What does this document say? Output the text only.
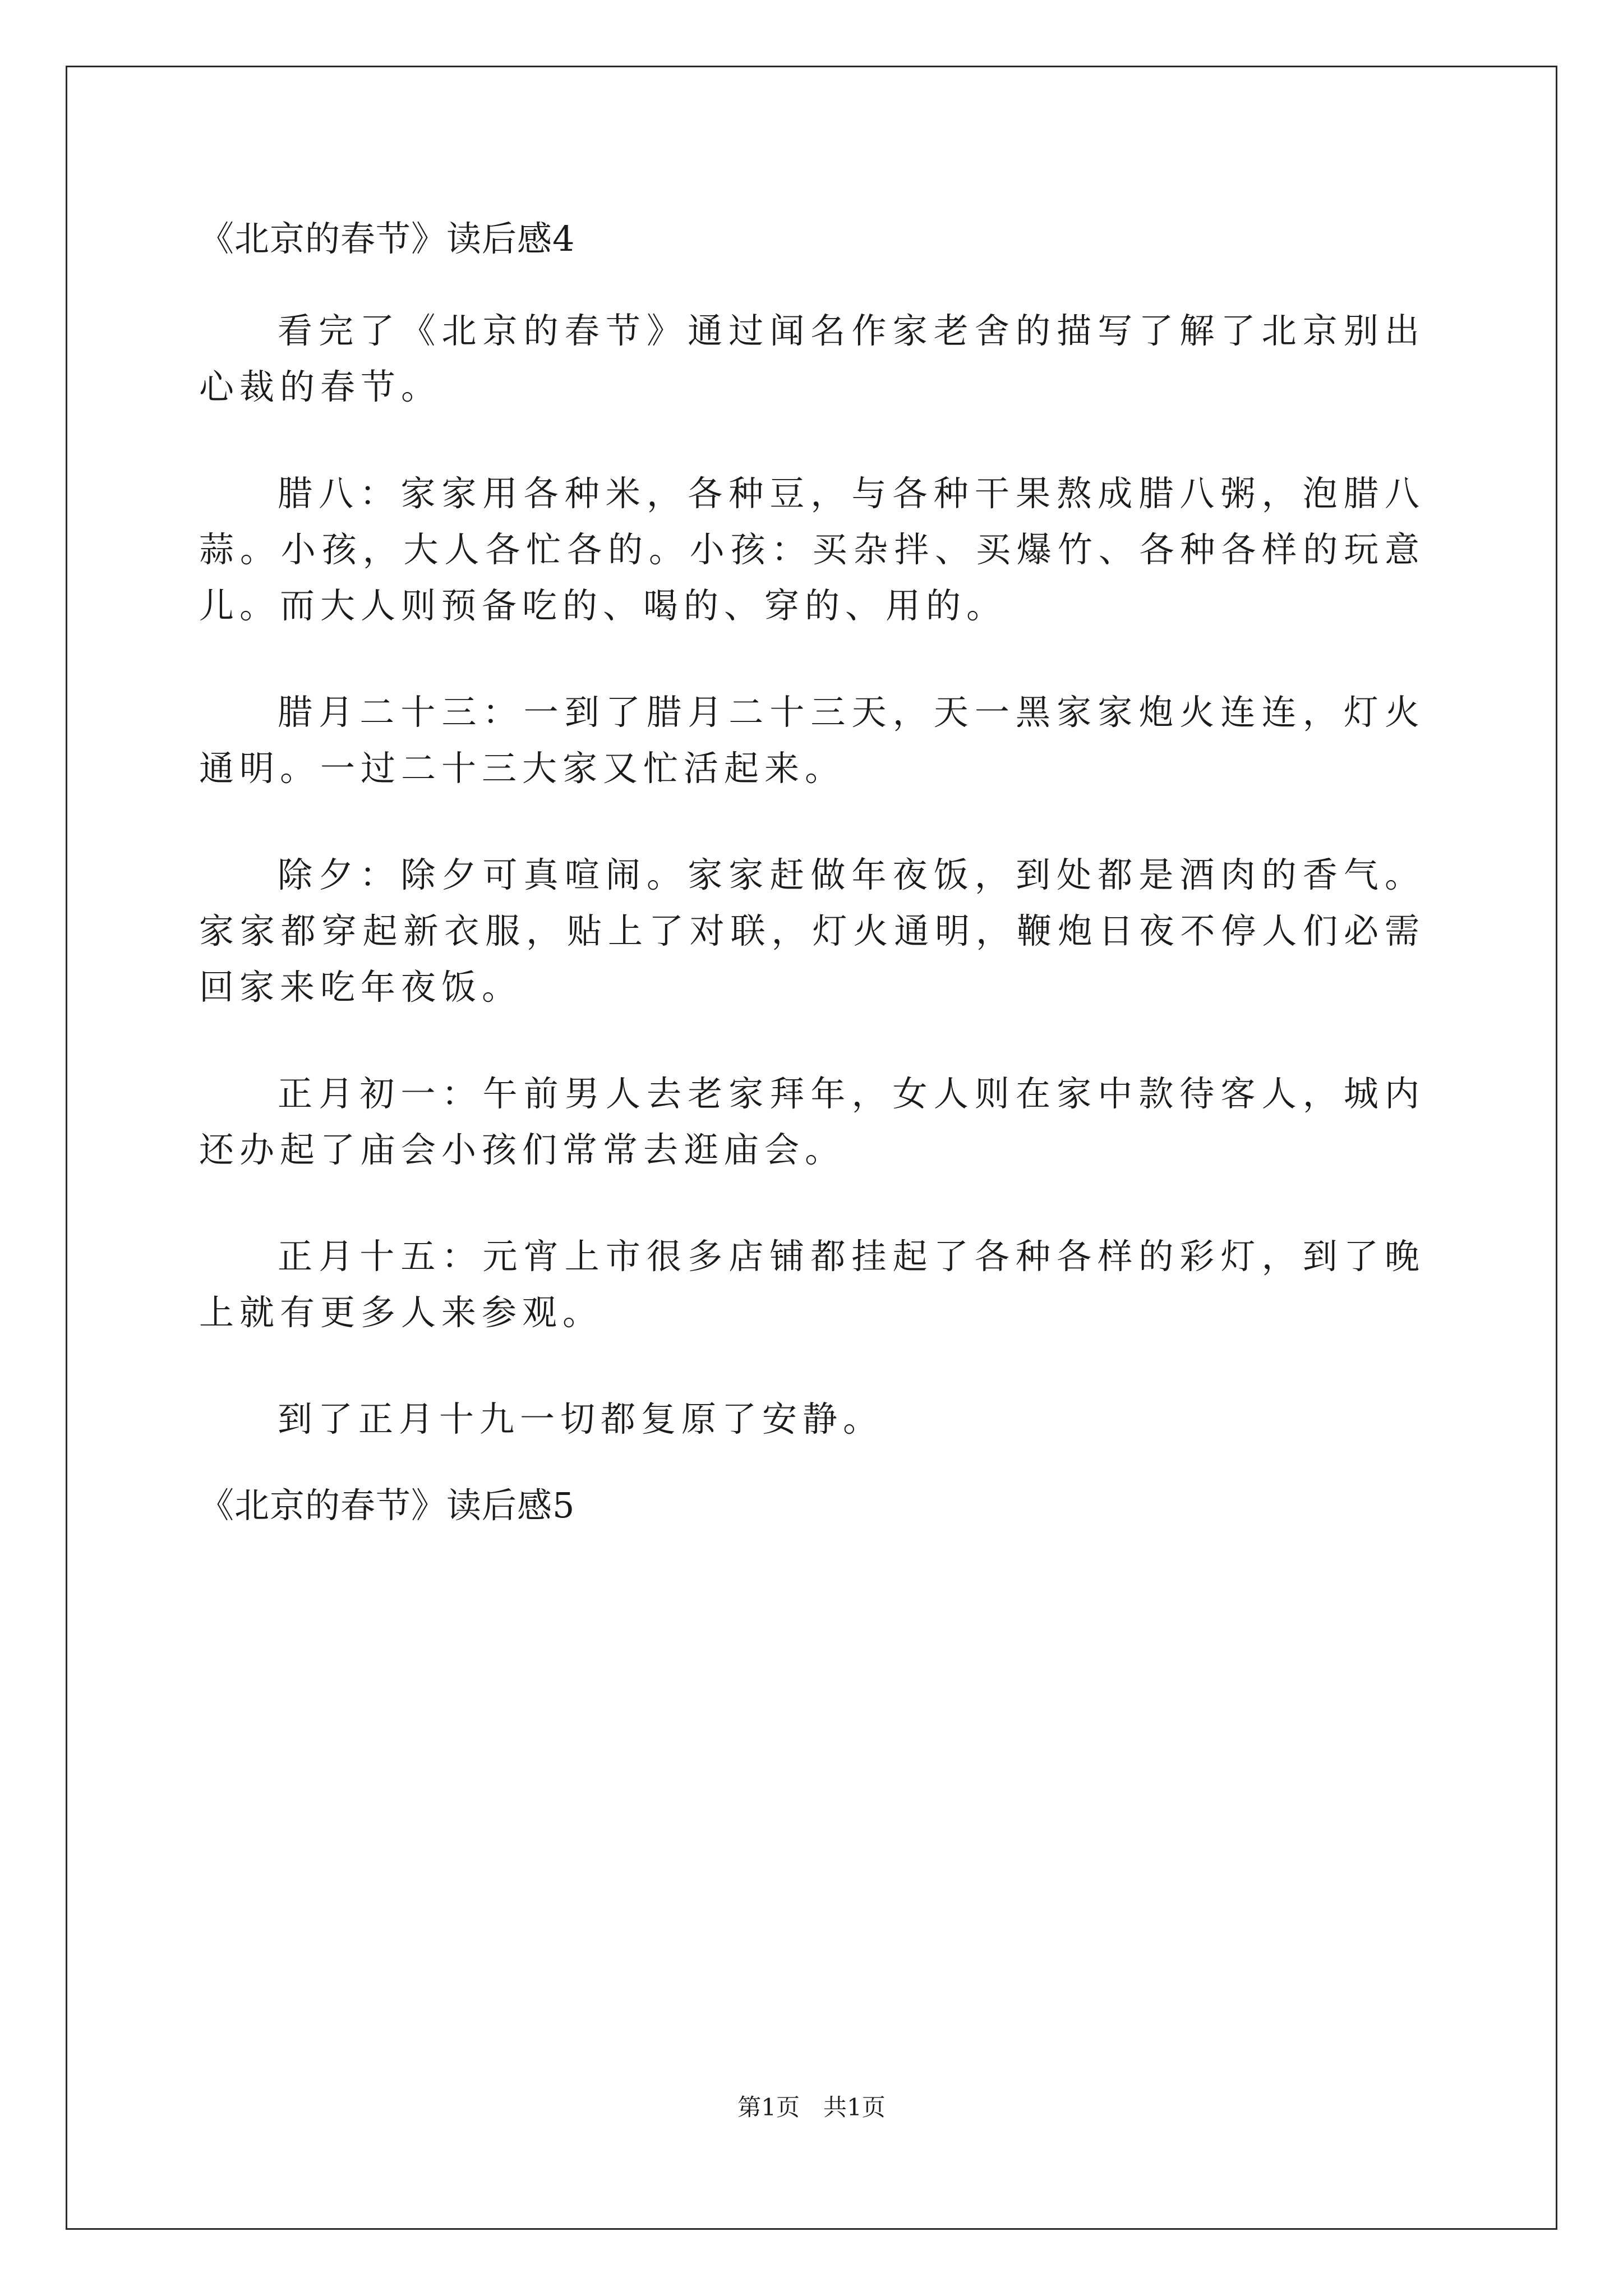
《北京的春节》读后感4

看完了《北京的春节》通过闻名作家老舍的描写了解了北京别出心裁的春节。

腊八：家家用各种米，各种豆，与各种干果熬成腊八粥，泡腊八蒜。小孩，大人各忙各的。小孩：买杂拌、买爆竹、各种各样的玩意儿。而大人则预备吃的、喝的、穿的、用的。

腊月二十三：一到了腊月二十三天，天一黑家家炮火连连，灯火通明。一过二十三大家又忙活起来。

除夕：除夕可真喧闹。家家赶做年夜饭，到处都是酒肉的香气。家家都穿起新衣服，贴上了对联，灯火通明，鞭炮日夜不停人们必需回家来吃年夜饭。

正月初一：午前男人去老家拜年，女人则在家中款待客人，城内还办起了庙会小孩们常常去逛庙会。

正月十五：元宵上市很多店铺都挂起了各种各样的彩灯，到了晚上就有更多人来参观。

到了正月十九一切都复原了安静。

《北京的春节》读后感5
第1页　共1页
